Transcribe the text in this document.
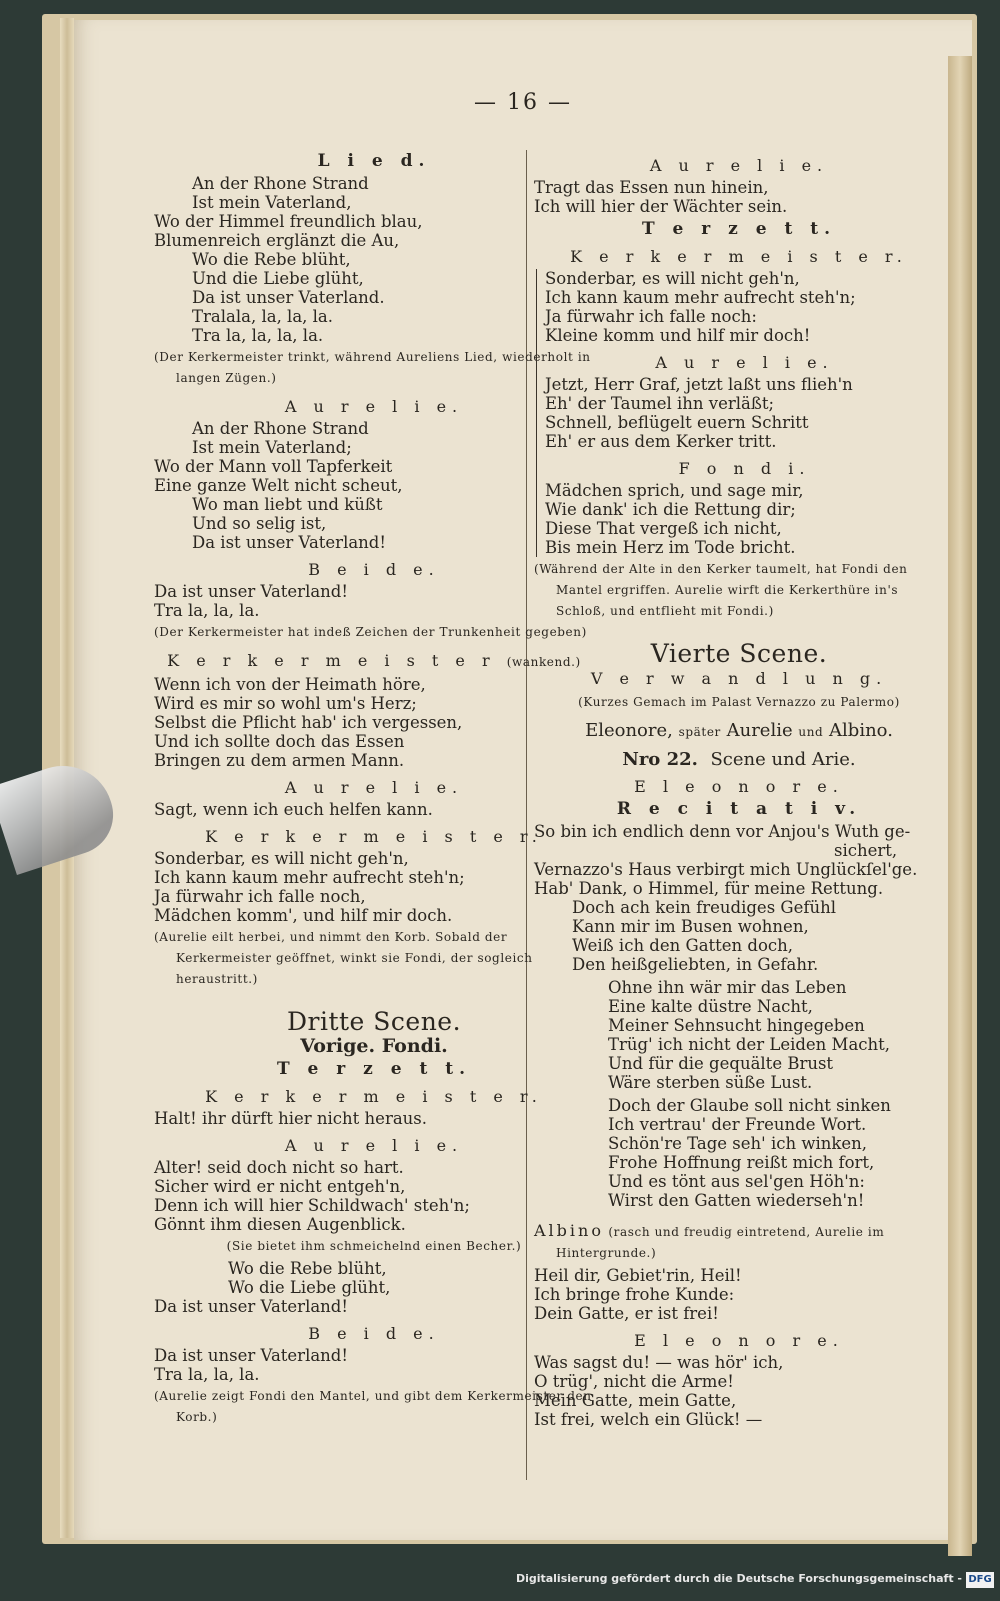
— 16 —
L i e d.
An der Rhone Strand
Ist mein Vaterland,
Wo der Himmel freundlich blau,
Blumenreich erglänzt die Au,
Wo die Rebe blüht,
Und die Liebe glüht,
Da ist unser Vaterland.
Tralala, la, la, la.
Tra la, la, la, la.
(Der Kerkermeister trinkt, während Aureliens Lied, wiederholt in langen Zügen.)
A u r e l i e.
An der Rhone Strand
Ist mein Vaterland;
Wo der Mann voll Tapferkeit
Eine ganze Welt nicht scheut,
Wo man liebt und küßt
Und so selig ist,
Da ist unser Vaterland!
B e i d e.
Da ist unser Vaterland!
Tra la, la, la.
(Der Kerkermeister hat indeß Zeichen der Trunkenheit gegeben)
K e r k e r m e i s t e r (wankend.)
Wenn ich von der Heimath höre,
Wird es mir so wohl um's Herz;
Selbst die Pflicht hab' ich vergessen,
Und ich sollte doch das Essen
Bringen zu dem armen Mann.
A u r e l i e.
Sagt, wenn ich euch helfen kann.
K e r k e r m e i s t e r.
Sonderbar, es will nicht geh'n,
Ich kann kaum mehr aufrecht steh'n;
Ja fürwahr ich falle noch,
Mädchen komm', und hilf mir doch.
(Aurelie eilt herbei, und nimmt den Korb. Sobald der Kerkermeister geöffnet, winkt sie Fondi, der sogleich heraustritt.)
Dritte Scene.
Vorige. Fondi.
T e r z e t t.
K e r k e r m e i s t e r.
Halt! ihr dürft hier nicht heraus.
A u r e l i e.
Alter! seid doch nicht so hart.
Sicher wird er nicht entgeh'n,
Denn ich will hier Schildwach' steh'n;
Gönnt ihm diesen Augenblick.
(Sie bietet ihm schmeichelnd einen Becher.)
Wo die Rebe blüht,
Wo die Liebe glüht,
Da ist unser Vaterland!
B e i d e.
Da ist unser Vaterland!
Tra la, la, la.
(Aurelie zeigt Fondi den Mantel, und gibt dem Kerkermeister den Korb.)
A u r e l i e.
Tragt das Essen nun hinein,
Ich will hier der Wächter sein.
T e r z e t t.
K e r k e r m e i s t e r.
Sonderbar, es will nicht geh'n,
Ich kann kaum mehr aufrecht steh'n;
Ja fürwahr ich falle noch:
Kleine komm und hilf mir doch!
A u r e l i e.
Jetzt, Herr Graf, jetzt laßt uns flieh'n
Eh' der Taumel ihn verläßt;
Schnell, beflügelt euern Schritt
Eh' er aus dem Kerker tritt.
F o n d i.
Mädchen sprich, und sage mir,
Wie dank' ich die Rettung dir;
Diese That vergeß ich nicht,
Bis mein Herz im Tode bricht.
(Während der Alte in den Kerker taumelt, hat Fondi den Mantel ergriffen. Aurelie wirft die Kerkerthüre in's Schloß, und entflieht mit Fondi.)
Vierte Scene.
V e r w a n d l u n g.
(Kurzes Gemach im Palast Vernazzo zu Palermo)
Eleonore, später Aurelie und Albino.
Nro 22. Scene und Arie.
E l e o n o r e.
R e c i t a t i v.
So bin ich endlich denn vor Anjou's Wuth ge-
sichert,
Vernazzo's Haus verbirgt mich Unglückſel'ge.
Hab' Dank, o Himmel, für meine Rettung.
Doch ach kein freudiges Gefühl
Kann mir im Busen wohnen,
Weiß ich den Gatten doch,
Den heißgeliebten, in Gefahr.
Ohne ihn wär mir das Leben
Eine kalte düstre Nacht,
Meiner Sehnsucht hingegeben
Trüg' ich nicht der Leiden Macht,
Und für die gequälte Brust
Wäre sterben süße Lust.
Doch der Glaube soll nicht sinken
Ich vertrau' der Freunde Wort.
Schön're Tage seh' ich winken,
Frohe Hoffnung reißt mich fort,
Und es tönt aus sel'gen Höh'n:
Wirst den Gatten wiederseh'n!
Albino (rasch und freudig eintretend, Aurelie im Hintergrunde.)
Heil dir, Gebiet'rin, Heil!
Ich bringe frohe Kunde:
Dein Gatte, er ist frei!
E l e o n o r e.
Was sagst du! — was hör' ich,
O trüg', nicht die Arme!
Mein Gatte, mein Gatte,
Ist frei, welch ein Glück! —
Digitalisierung gefördert durch die Deutsche Forschungsgemeinschaft - DFG
